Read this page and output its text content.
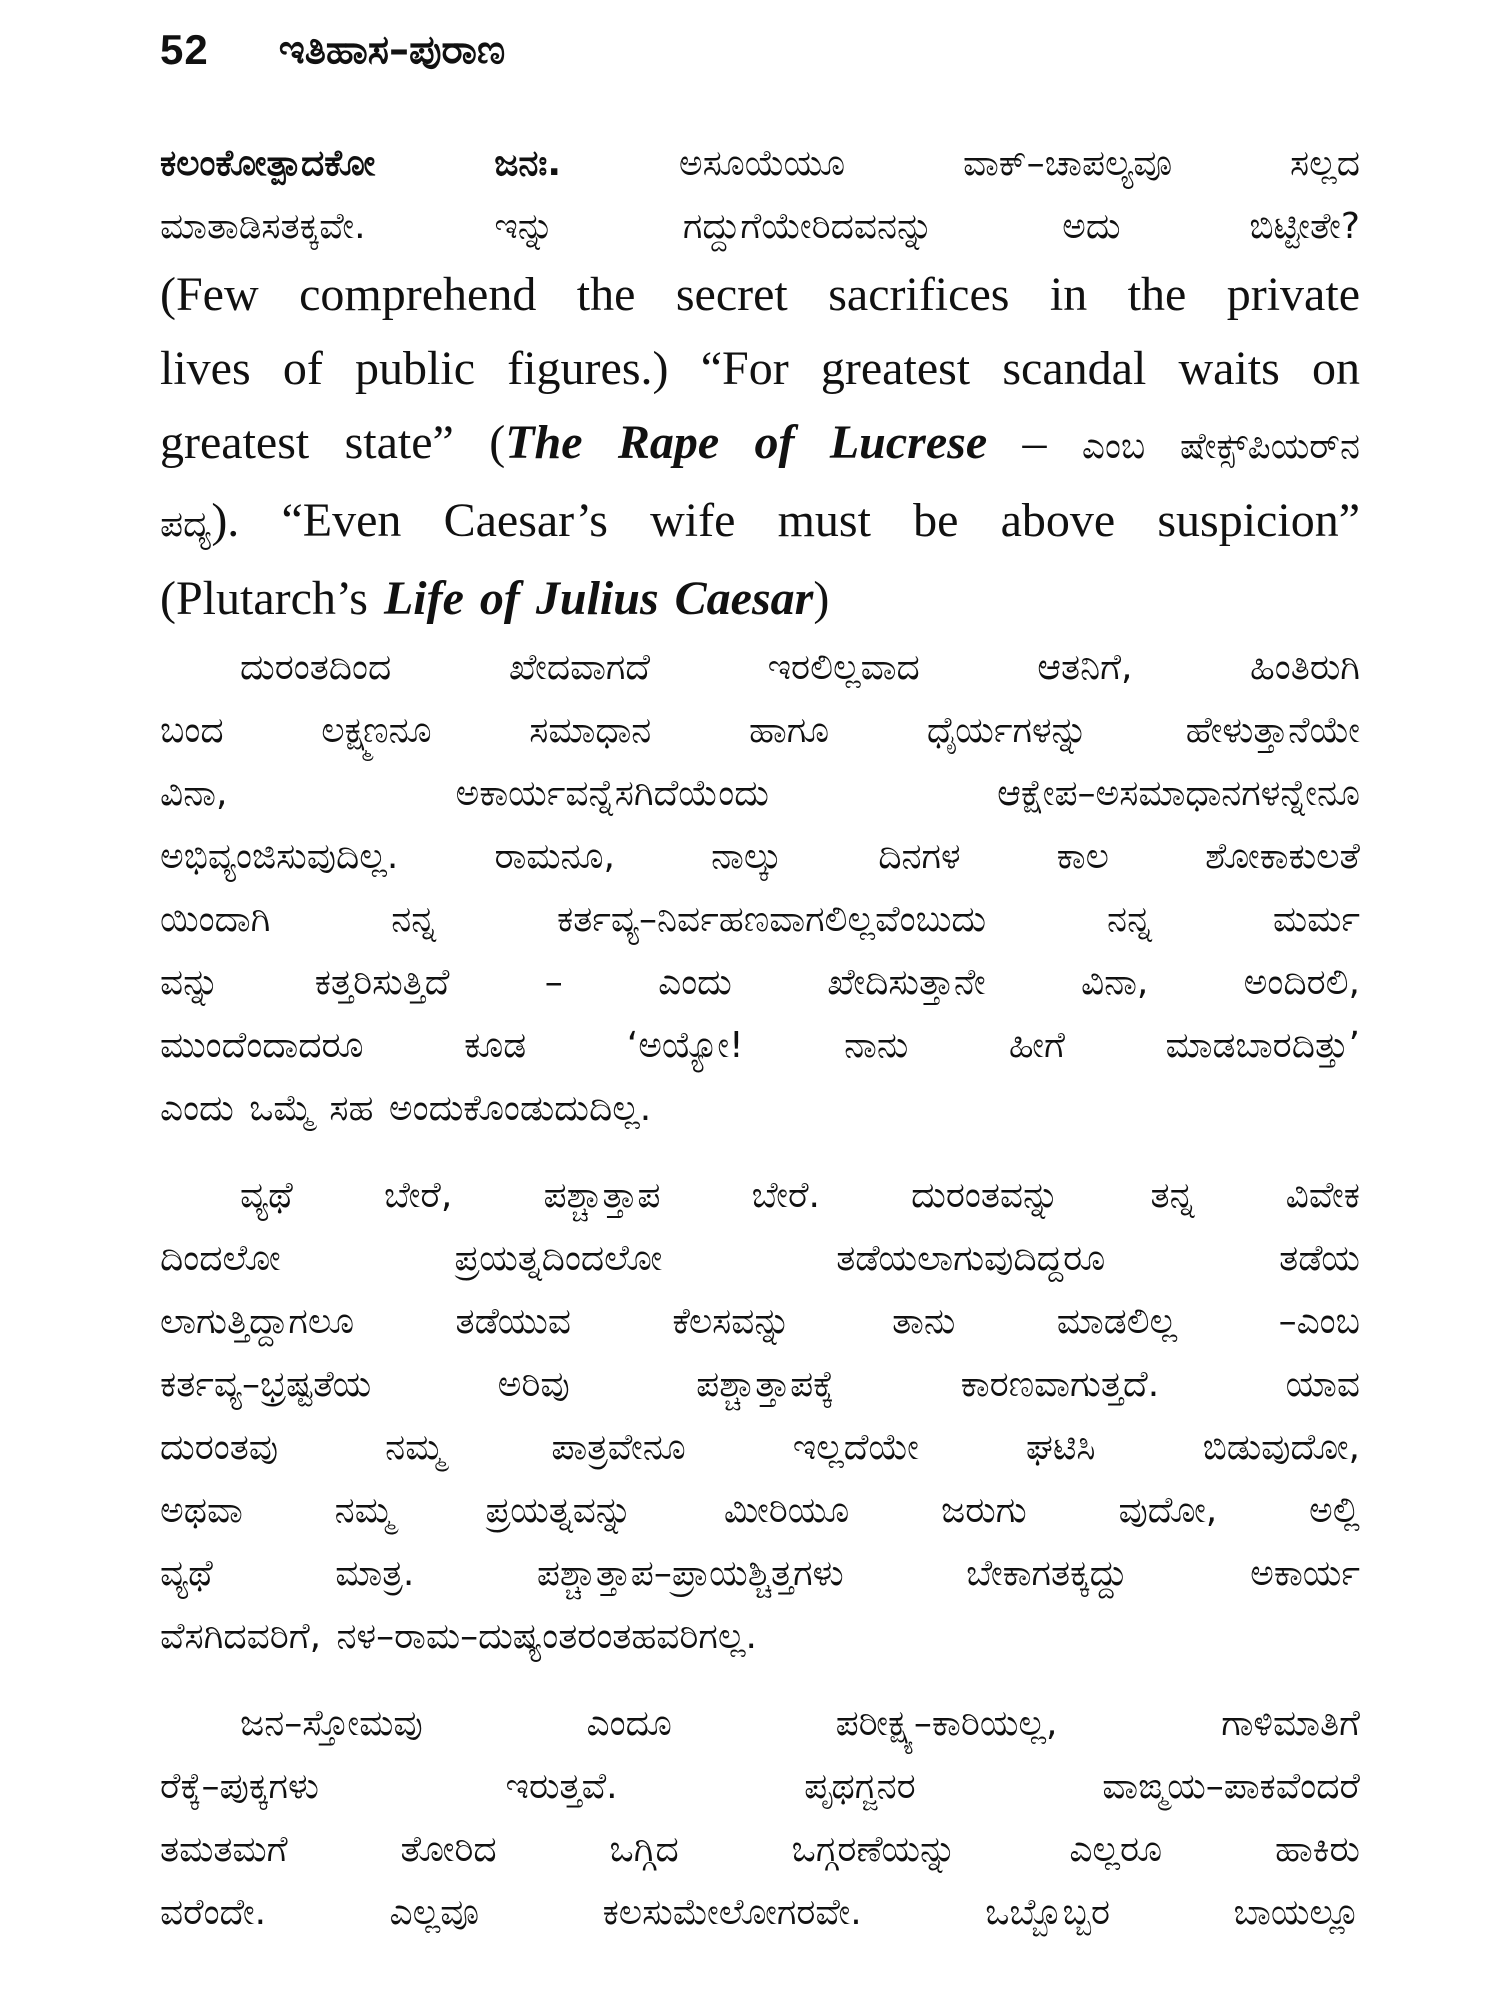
52 ಇತಿಹಾಸ–ಪುರಾಣ

ಕಲಂಕೋತ್ಪಾದಕೋ ಜನಃ. ಅಸೂಯೆಯೂ ವಾಕ್–ಚಾಪಲ್ಯವೂ ಸಲ್ಲದ

ಮಾತಾಡಿಸತಕ್ಕವೇ. ಇನ್ನು ಗದ್ದುಗೆಯೇರಿದವನನ್ನು ಅದು ಬಿಟ್ಟೀತೇ?

(Few comprehend the secret sacrifices in the private

lives of public figures.) “For greatest scandal waits on

greatest state” (The Rape of Lucrese – ಎಂಬ ಷೇಕ್ಸ್‌ಪಿಯರ್‌ನ

ಪದ್ಯ). “Even Caesar’s wife must be above suspicion”

(Plutarch’s Life of Julius Caesar)

ದುರಂತದಿಂದ ಖೇದವಾಗದೆ ಇರಲಿಲ್ಲವಾದ ಆತನಿಗೆ, ಹಿಂತಿರುಗಿ

ಬಂದ ಲಕ್ಷ್ಮಣನೂ ಸಮಾಧಾನ ಹಾಗೂ ಧೈರ್ಯಗಳನ್ನು ಹೇಳುತ್ತಾನೆಯೇ

ವಿನಾ, ಅಕಾರ್ಯವನ್ನೆಸಗಿದೆಯೆಂದು ಆಕ್ಷೇಪ–ಅಸಮಾಧಾನಗಳನ್ನೇನೂ

ಅಭಿವ್ಯಂಜಿಸುವುದಿಲ್ಲ. ರಾಮನೂ, ನಾಲ್ಕು ದಿನಗಳ ಕಾಲ ಶೋಕಾಕುಲತೆ

ಯಿಂದಾಗಿ ನನ್ನ ಕರ್ತವ್ಯ–ನಿರ್ವಹಣವಾಗಲಿಲ್ಲವೆಂಬುದು ನನ್ನ ಮರ್ಮ

ವನ್ನು ಕತ್ತರಿಸುತ್ತಿದೆ – ಎಂದು ಖೇದಿಸುತ್ತಾನೇ ವಿನಾ, ಅಂದಿರಲಿ,

ಮುಂದೆಂದಾದರೂ ಕೂಡ ‘ಅಯ್ಯೋ! ನಾನು ಹೀಗೆ ಮಾಡಬಾರದಿತ್ತು’

ಎಂದು ಒಮ್ಮೆ ಸಹ ಅಂದುಕೊಂಡುದುದಿಲ್ಲ.

ವ್ಯಥೆ ಬೇರೆ, ಪಶ್ಚಾತ್ತಾಪ ಬೇರೆ. ದುರಂತವನ್ನು ತನ್ನ ವಿವೇಕ

ದಿಂದಲೋ ಪ್ರಯತ್ನದಿಂದಲೋ ತಡೆಯಲಾಗುವುದಿದ್ದರೂ ತಡೆಯ

ಲಾಗುತ್ತಿದ್ದಾಗಲೂ ತಡೆಯುವ ಕೆಲಸವನ್ನು ತಾನು ಮಾಡಲಿಲ್ಲ –ಎಂಬ

ಕರ್ತವ್ಯ–ಭ್ರಷ್ಟತೆಯ ಅರಿವು ಪಶ್ಚಾತ್ತಾಪಕ್ಕೆ ಕಾರಣವಾಗುತ್ತದೆ. ಯಾವ

ದುರಂತವು ನಮ್ಮ ಪಾತ್ರವೇನೂ ಇಲ್ಲದೆಯೇ ಘಟಿಸಿ ಬಿಡುವುದೋ,

ಅಥವಾ ನಮ್ಮ ಪ್ರಯತ್ನವನ್ನು ಮೀರಿಯೂ ಜರುಗು ವುದೋ, ಅಲ್ಲಿ

ವ್ಯಥೆ ಮಾತ್ರ. ಪಶ್ಚಾತ್ತಾಪ–ಪ್ರಾಯಶ್ಚಿತ್ತಗಳು ಬೇಕಾಗತಕ್ಕದ್ದು ಅಕಾರ್ಯ

ವೆಸಗಿದವರಿಗೆ, ನಳ–ರಾಮ–ದುಷ್ಯಂತರಂತಹವರಿಗಲ್ಲ.

ಜನ–ಸ್ತೋಮವು ಎಂದೂ ಪರೀಕ್ಷ್ಯ–ಕಾರಿಯಲ್ಲ, ಗಾಳಿಮಾತಿಗೆ

ರೆಕ್ಕೆ–ಪುಕ್ಕಗಳು ಇರುತ್ತವೆ. ಪೃಥಗ್ಜನರ ವಾಙ್ಮಯ–ಪಾಕವೆಂದರೆ

ತಮತಮಗೆ ತೋರಿದ ಒಗ್ಗಿದ ಒಗ್ಗರಣೆಯನ್ನು ಎಲ್ಲರೂ ಹಾಕಿರು

ವರೆಂದೇ. ಎಲ್ಲವೂ ಕಲಸುಮೇಲೋಗರವೇ. ಒಬ್ಬೊಬ್ಬರ ಬಾಯಲ್ಲೂ
